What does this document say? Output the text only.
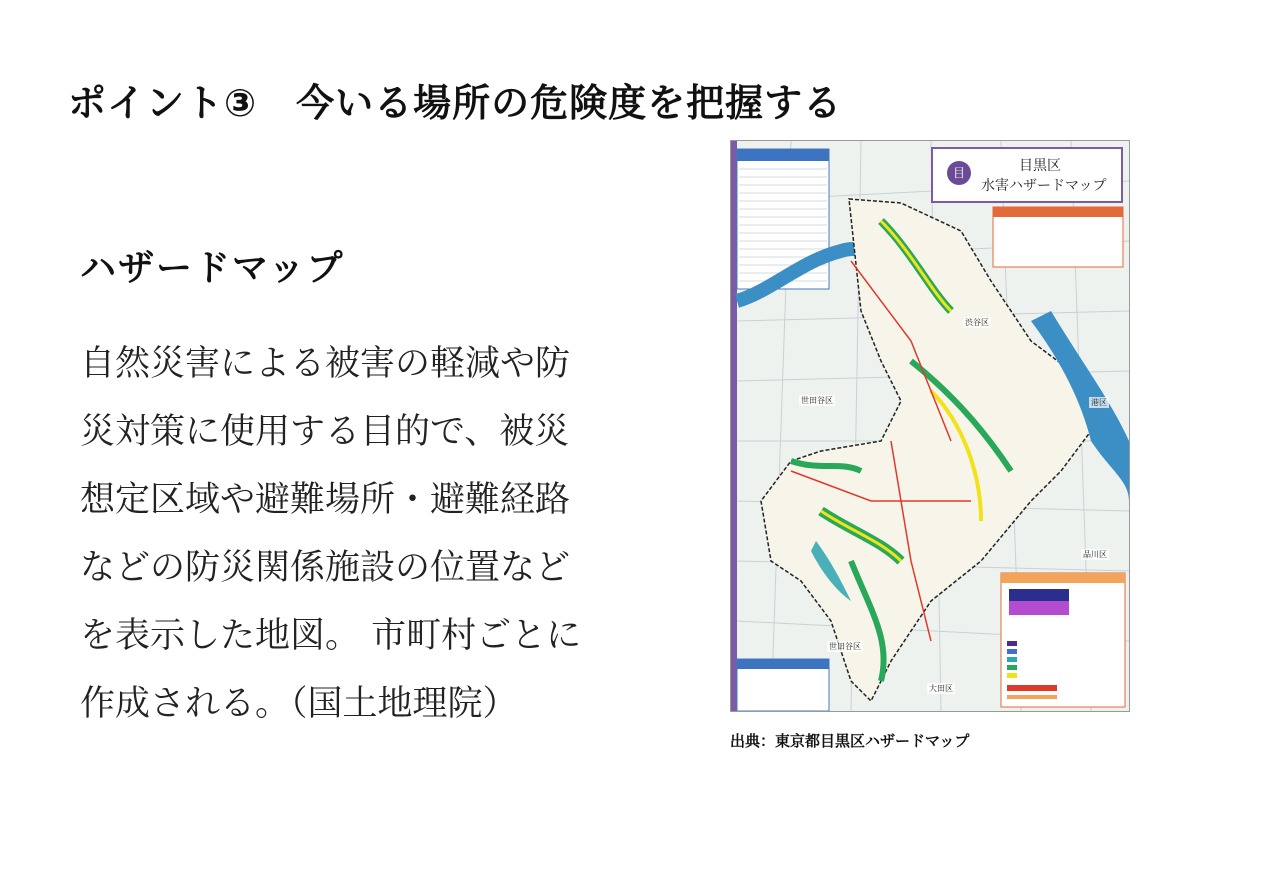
ポイント③　今いる場所の危険度を把握する
ハザードマップ
自然災害による被害の軽減や防
災対策に使用する目的で、被災
想定区域や避難場所・避難経路
などの防災関係施設の位置など
を表示した地図。 市町村ごとに
作成される。（国土地理院）
目	目黒区
水害ハザードマップ
世田谷区
渋谷区
港区
品川区
世田谷区
大田区
出典：東京都目黒区ハザードマップ
